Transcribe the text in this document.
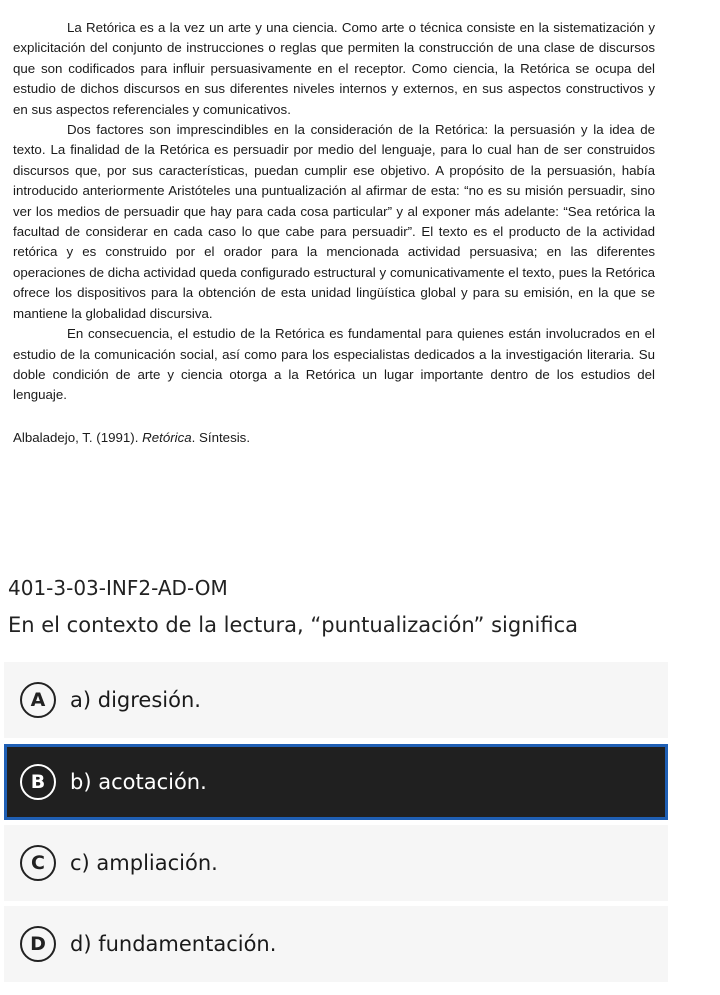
La Retórica es a la vez un arte y una ciencia. Como arte o técnica consiste en la sistematización y explicitación del conjunto de instrucciones o reglas que permiten la construcción de una clase de discursos que son codificados para influir persuasivamente en el receptor. Como ciencia, la Retórica se ocupa del estudio de dichos discursos en sus diferentes niveles internos y externos, en sus aspectos constructivos y en sus aspectos referenciales y comunicativos.

Dos factores son imprescindibles en la consideración de la Retórica: la persuasión y la idea de texto. La finalidad de la Retórica es persuadir por medio del lenguaje, para lo cual han de ser construidos discursos que, por sus características, puedan cumplir ese objetivo. A propósito de la persuasión, había introducido anteriormente Aristóteles una puntualización al afirmar de esta: “no es su misión persuadir, sino ver los medios de persuadir que hay para cada cosa particular” y al exponer más adelante: “Sea retórica la facultad de considerar en cada caso lo que cabe para persuadir”. El texto es el producto de la actividad retórica y es construido por el orador para la mencionada actividad persuasiva; en las diferentes operaciones de dicha actividad queda configurado estructural y comunicativamente el texto, pues la Retórica ofrece los dispositivos para la obtención de esta unidad lingüística global y para su emisión, en la que se mantiene la globalidad discursiva.

En consecuencia, el estudio de la Retórica es fundamental para quienes están involucrados en el estudio de la comunicación social, así como para los especialistas dedicados a la investigación literaria. Su doble condición de arte y ciencia otorga a la Retórica un lugar importante dentro de los estudios del lenguaje.

Albaladejo, T. (1991). Retórica. Síntesis.
401-3-03-INF2-AD-OM
En el contexto de la lectura, “puntualización” significa
A	a) digresión.
B	b) acotación.
C	c) ampliación.
D	d) fundamentación.
